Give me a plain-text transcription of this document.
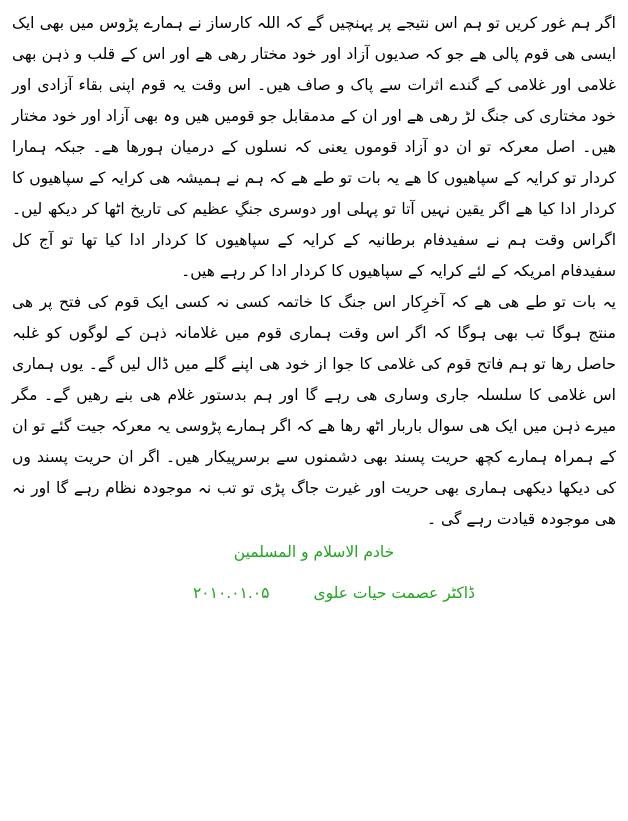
اگر ہم غور کریں تو ہم اس نتیجے پر پہنچیں گے کہ اللہ کارساز نے ہمارے پڑوس میں بھی ایک ایسی ھی قوم پالی ھے جو کہ صدیوں آزاد اور خود مختار رھی ھے اور اس کے قلب و ذہن بھی غلامی اور غلامی کے گندے اثرات سے پاک و صاف ھیں۔ اس وقت یہ قوم اپنی بقاء آزادی اور خود مختاری کی جنگ لڑ رھی ھے اور ان کے مدمقابل جو قومیں ھیں وہ بھی آزاد اور خود مختار ھیں۔ اصل معرکہ تو ان دو آزاد قوموں یعنی کہ نسلوں کے درمیان ہورھا ھے۔ جبکہ ہمارا کردار تو کرایہ کے سپاھیوں کا ھے یہ بات تو طے ھے کہ ہم نے ہمیشہ ھی کرایہ کے سپاھیوں کا کردار ادا کیا ھے اگر یقین نہیں آتا تو پہلی اور دوسری جنگِ عظیم کی تاریخ اٹھا کر دیکھ لیں۔ اگراس وقت ہم نے سفیدفام برطانیہ کے کرایہ کے سپاھیوں کا کردار ادا کیا تھا تو آج کل سفیدفام امریکہ کے لئے کرایہ کے سپاھیوں کا کردار ادا کر رہے ھیں۔

یہ بات تو طے ھی ھے کہ آخرِکار اس جنگ کا خاتمہ کسی نہ کسی ایک قوم کی فتح پر ھی منتج ہوگا تب بھی ہوگا کہ اگر اس وقت ہماری قوم میں غلامانہ ذہن کے لوگوں کو غلبہ حاصل رھا تو ہم فاتح قوم کی غلامی کا جوا از خود ھی اپنے گلے میں ڈال لیں گے۔ یوں ہماری اس غلامی کا سلسلہ جاری وساری ھی رہے گا اور ہم بدستور غلام ھی بنے رھیں گے۔ مگر میرے ذہن میں ایک ھی سوال باربار اٹھ رھا ھے کہ اگر ہمارے پڑوسی یہ معرکہ جیت گئے تو ان کے ہمراہ ہمارے کچھ حریت پسند بھی دشمنوں سے برسرپیکار ھیں۔ اگر ان حریت پسند وں کی دیکھا دیکھی ہماری بھی حریت اور غیرت جاگ پڑی تو تب نہ موجودہ نظام رہے گا اور نہ ھی موجودہ قیادت رہے گی ۔

خادم الاسلام و المسلمین
ڈاکٹر عصمت حیات علوی
۲۰۱۰.۰۱.۰۵
